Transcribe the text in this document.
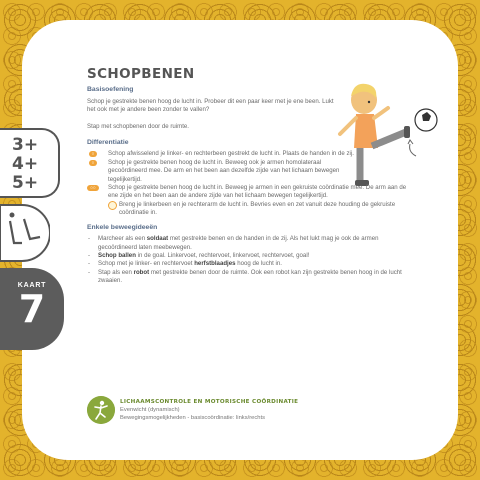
3+
4+
5+
KAART
7
SCHOPBENEN
Basisoefening
Schop je gestrekte benen hoog de lucht in. Probeer dit een paar keer met je ene been. Lukt het ook met je andere been zonder te vallen?
Stap met schopbenen door de ruimte.
Differentiatie
○	Schop afwisselend je linker- en rechterbeen gestrekt de lucht in. Plaats de handen in de zij.
○	Schop je gestrekte benen hoog de lucht in. Beweeg ook je armen homolateraal gecoördineerd mee. De arm en het been aan dezelfde zijde van het lichaam bewegen tegelijkertijd.
○○	Schop je gestrekte benen hoog de lucht in. Beweeg je armen in een gekruiste coördinatie mee. De arm aan de ene zijde en het been aan de andere zijde van het lichaam bewegen tegelijkertijd.
Breng je linkerbeen en je rechterarm de lucht in. Bevries even en zet vanuit deze houding de gekruiste coördinatie in.
Enkele beweegideeën
- Marcheer als een soldaat met gestrekte benen en de handen in de zij. Als het lukt mag je ook de armen gecoördineerd laten meebewegen.
- Schop ballen in de goal. Linkervoet, rechtervoet, linkervoet, rechtervoet, goal!
- Schop met je linker- en rechtervoet herfstblaadjes hoog de lucht in.
- Stap als een robot met gestrekte benen door de ruimte. Ook een robot kan zijn gestrekte benen hoog in de lucht zwaaien.
LICHAAMSCONTROLE EN MOTORISCHE COÖRDINATIE
Evenwicht (dynamisch)
Bewegingsmogelijkheden - basiscoördinatie: links/rechts
